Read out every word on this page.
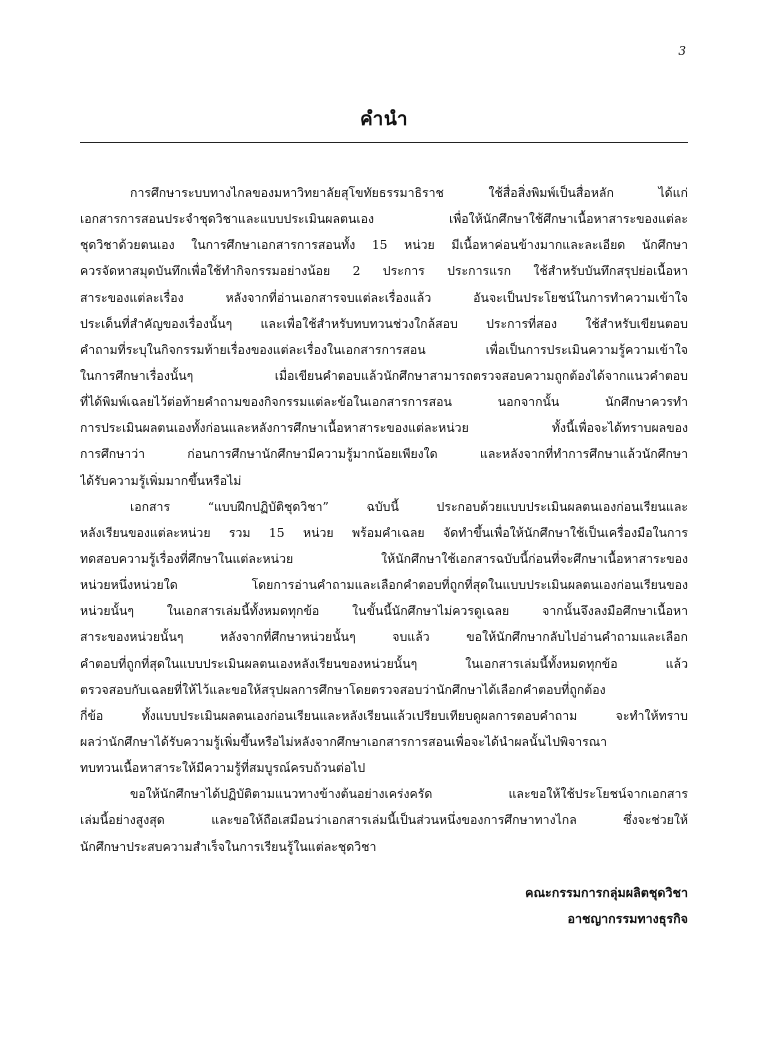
3
คำนำ
การศึกษาระบบทางไกลของมหาวิทยาลัยสุโขทัยธรรมาธิราช ใช้สื่อสิ่งพิมพ์เป็นสื่อหลัก ได้แก่
เอกสารการสอนประจำชุดวิชาและแบบประเมินผลตนเอง เพื่อให้นักศึกษาใช้ศึกษาเนื้อหาสาระของแต่ละ
ชุดวิชาด้วยตนเอง ในการศึกษาเอกสารการสอนทั้ง 15 หน่วย มีเนื้อหาค่อนข้างมากและละเอียด นักศึกษา
ควรจัดหาสมุดบันทึกเพื่อใช้ทำกิจกรรมอย่างน้อย 2 ประการ ประการแรก ใช้สำหรับบันทึกสรุปย่อเนื้อหา
สาระของแต่ละเรื่อง หลังจากที่อ่านเอกสารจบแต่ละเรื่องแล้ว อันจะเป็นประโยชน์ในการทำความเข้าใจ
ประเด็นที่สำคัญของเรื่องนั้นๆ และเพื่อใช้สำหรับทบทวนช่วงใกล้สอบ ประการที่สอง ใช้สำหรับเขียนตอบ
คำถามที่ระบุในกิจกรรมท้ายเรื่องของแต่ละเรื่องในเอกสารการสอน เพื่อเป็นการประเมินความรู้ความเข้าใจ
ในการศึกษาเรื่องนั้นๆ เมื่อเขียนคำตอบแล้วนักศึกษาสามารถตรวจสอบความถูกต้องได้จากแนวคำตอบ
ที่ได้พิมพ์เฉลยไว้ต่อท้ายคำถามของกิจกรรมแต่ละข้อในเอกสารการสอน นอกจากนั้น นักศึกษาควรทำ
การประเมินผลตนเองทั้งก่อนและหลังการศึกษาเนื้อหาสาระของแต่ละหน่วย ทั้งนี้เพื่อจะได้ทราบผลของ
การศึกษาว่า ก่อนการศึกษานักศึกษามีความรู้มากน้อยเพียงใด และหลังจากที่ทำการศึกษาแล้วนักศึกษา
ได้รับความรู้เพิ่มมากขึ้นหรือไม่
เอกสาร “แบบฝึกปฏิบัติชุดวิชา” ฉบับนี้ ประกอบด้วยแบบประเมินผลตนเองก่อนเรียนและ
หลังเรียนของแต่ละหน่วย รวม 15 หน่วย พร้อมคำเฉลย จัดทำขึ้นเพื่อให้นักศึกษาใช้เป็นเครื่องมือในการ
ทดสอบความรู้เรื่องที่ศึกษาในแต่ละหน่วย ให้นักศึกษาใช้เอกสารฉบับนี้ก่อนที่จะศึกษาเนื้อหาสาระของ
หน่วยหนึ่งหน่วยใด โดยการอ่านคำถามและเลือกคำตอบที่ถูกที่สุดในแบบประเมินผลตนเองก่อนเรียนของ
หน่วยนั้นๆ ในเอกสารเล่มนี้ทั้งหมดทุกข้อ ในขั้นนี้นักศึกษาไม่ควรดูเฉลย จากนั้นจึงลงมือศึกษาเนื้อหา
สาระของหน่วยนั้นๆ หลังจากที่ศึกษาหน่วยนั้นๆ จบแล้ว ขอให้นักศึกษากลับไปอ่านคำถามและเลือก
คำตอบที่ถูกที่สุดในแบบประเมินผลตนเองหลังเรียนของหน่วยนั้นๆ ในเอกสารเล่มนี้ทั้งหมดทุกข้อ แล้ว
ตรวจสอบกับเฉลยที่ให้ไว้และขอให้สรุปผลการศึกษาโดยตรวจสอบว่านักศึกษาได้เลือกคำตอบที่ถูกต้อง
กี่ข้อ ทั้งแบบประเมินผลตนเองก่อนเรียนและหลังเรียนแล้วเปรียบเทียบดูผลการตอบคำถาม จะทำให้ทราบ
ผลว่านักศึกษาได้รับความรู้เพิ่มขึ้นหรือไม่หลังจากศึกษาเอกสารการสอนเพื่อจะได้นำผลนั้นไปพิจารณา
ทบทวนเนื้อหาสาระให้มีความรู้ที่สมบูรณ์ครบถ้วนต่อไป
ขอให้นักศึกษาได้ปฏิบัติตามแนวทางข้างต้นอย่างเคร่งครัด และขอให้ใช้ประโยชน์จากเอกสาร
เล่มนี้อย่างสูงสุด และขอให้ถือเสมือนว่าเอกสารเล่มนี้เป็นส่วนหนึ่งของการศึกษาทางไกล ซึ่งจะช่วยให้
นักศึกษาประสบความสำเร็จในการเรียนรู้ในแต่ละชุดวิชา
คณะกรรมการกลุ่มผลิตชุดวิชา
อาชญากรรมทางธุรกิจ
